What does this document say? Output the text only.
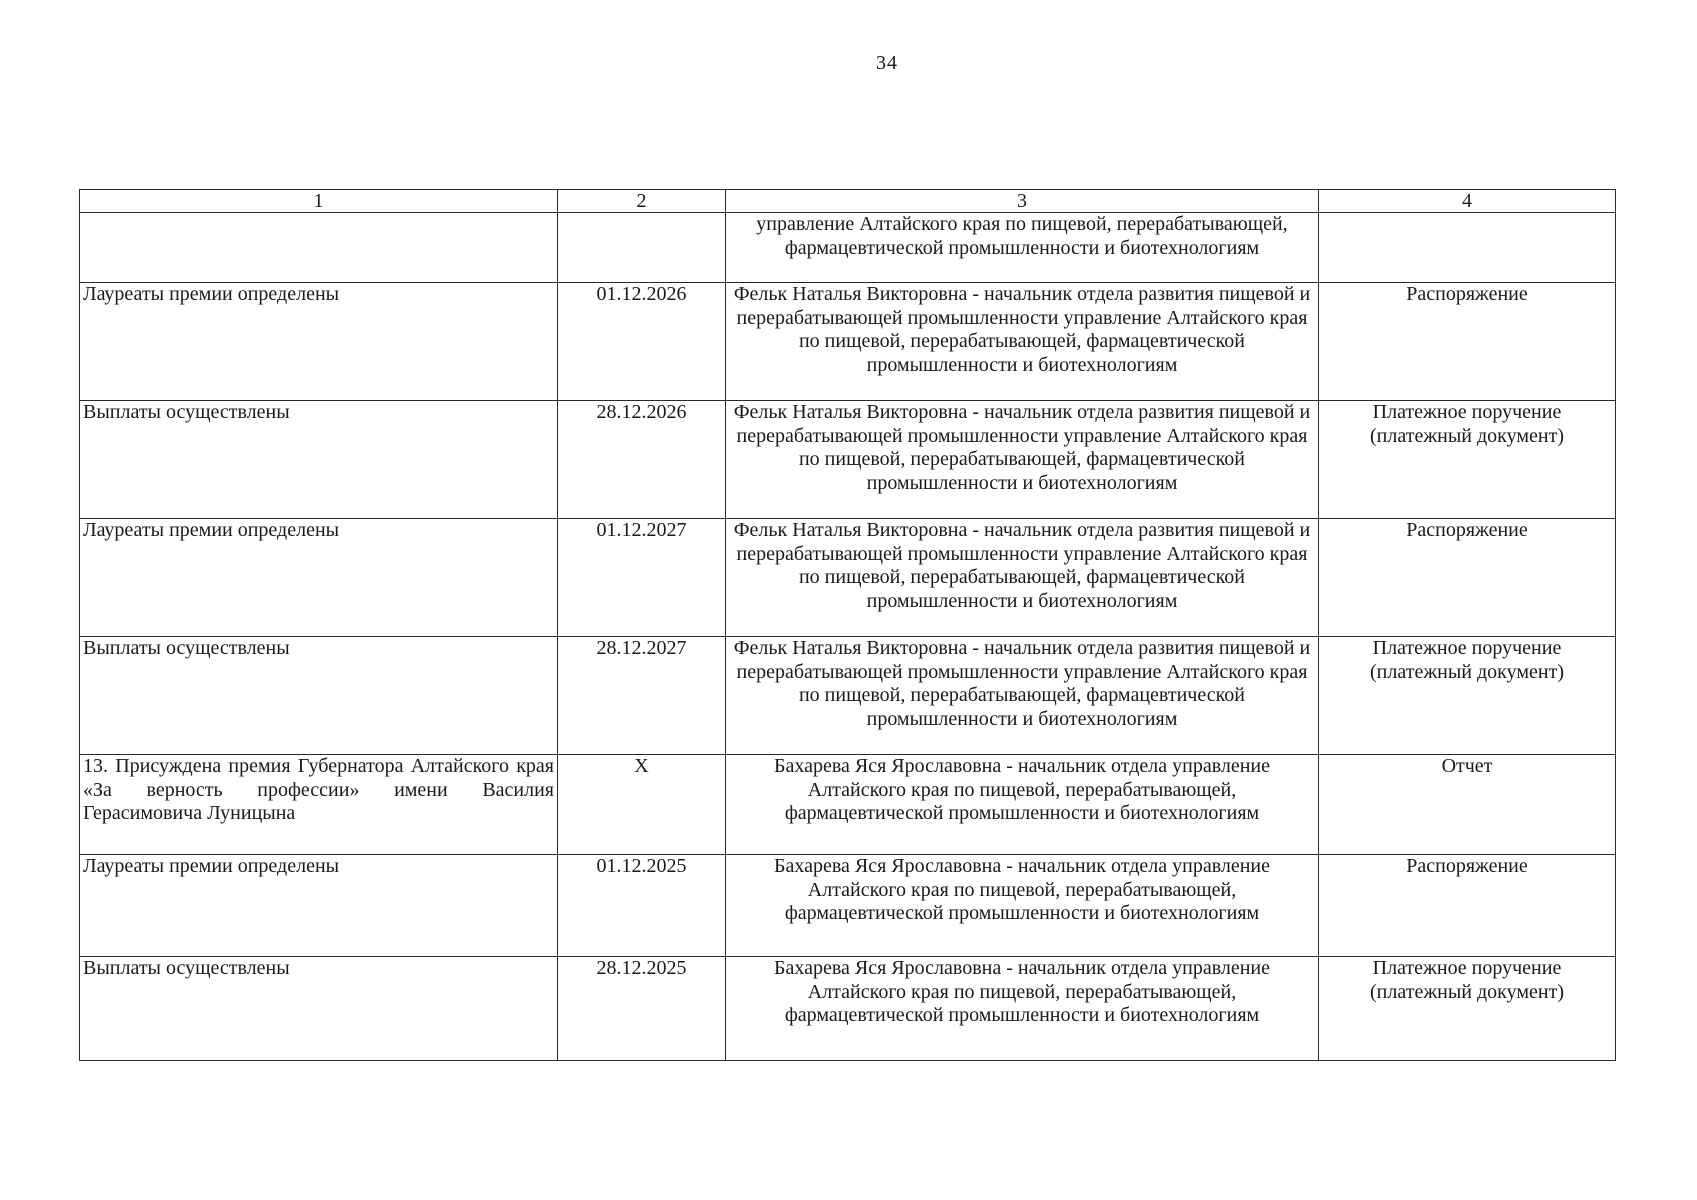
34
1	2	3	4
		управление Алтайского края по пищевой, перерабатывающей, фармацевтической промышленности и биотехнологиям	
Лауреаты премии определены	01.12.2026	Фельк Наталья Викторовна - начальник отдела развития пищевой и перерабатывающей промышленности управление Алтайского края по пищевой, перерабатывающей, фармацевтической промышленности и биотехнологиям	Распоряжение
Выплаты осуществлены	28.12.2026	Фельк Наталья Викторовна - начальник отдела развития пищевой и перерабатывающей промышленности управление Алтайского края по пищевой, перерабатывающей, фармацевтической промышленности и биотехнологиям	Платежное поручение (платежный документ)
Лауреаты премии определены	01.12.2027	Фельк Наталья Викторовна - начальник отдела развития пищевой и перерабатывающей промышленности управление Алтайского края по пищевой, перерабатывающей, фармацевтической промышленности и биотехнологиям	Распоряжение
Выплаты осуществлены	28.12.2027	Фельк Наталья Викторовна - начальник отдела развития пищевой и перерабатывающей промышленности управление Алтайского края по пищевой, перерабатывающей, фармацевтической промышленности и биотехнологиям	Платежное поручение (платежный документ)
13. Присуждена премия Губернатора Алтайского края «За верность профессии» имени Василия Герасимовича Луницына	X	Бахарева Яся Ярославовна - начальник отдела управление Алтайского края по пищевой, перерабатывающей, фармацевтической промышленности и биотехнологиям	Отчет
Лауреаты премии определены	01.12.2025	Бахарева Яся Ярославовна - начальник отдела управление Алтайского края по пищевой, перерабатывающей, фармацевтической промышленности и биотехнологиям	Распоряжение
Выплаты осуществлены	28.12.2025	Бахарева Яся Ярославовна - начальник отдела управление Алтайского края по пищевой, перерабатывающей, фармацевтической промышленности и биотехнологиям	Платежное поручение (платежный документ)
